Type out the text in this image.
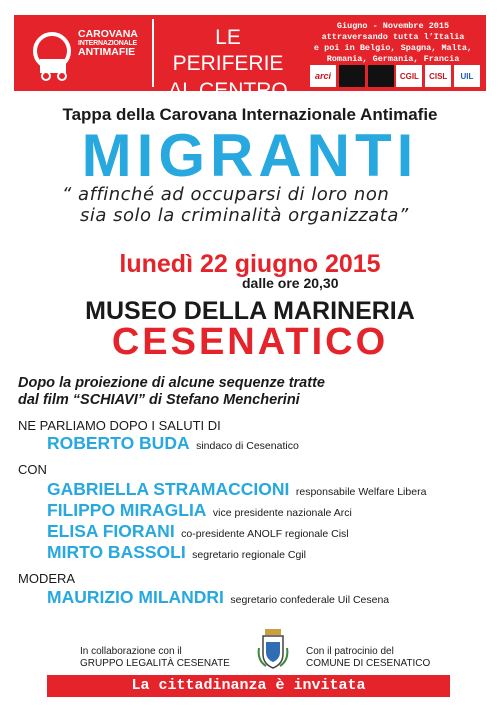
CAROVANA
INTERNAZIONALE
ANTIMAFIE
LE PERIFERIE
AL CENTRO
Giugno - Novembre 2015
attraversando tutta l’Italia
e poi in Belgio, Spagna, Malta,
Romania, Germania, Francia
arci	CGIL	CISL	UIL
Tappa della Carovana Internazionale Antimafie
MIGRANTI
“ affinché ad occuparsi di loro non
sia solo la criminalità organizzata”
lunedì 22 giugno 2015
dalle ore 20,30
MUSEO DELLA MARINERIA
CESENATICO
Dopo la proiezione di alcune sequenze tratte
dal film “SCHIAVI” di Stefano Mencherini
NE PARLIAMO DOPO I SALUTI DI
ROBERTO BUDA sindaco di Cesenatico
CON
GABRIELLA STRAMACCIONI responsabile Welfare Libera
FILIPPO MIRAGLIA vice presidente nazionale Arci
ELISA FIORANI co-presidente ANOLF regionale Cisl
MIRTO BASSOLI segretario regionale Cgil
MODERA
MAURIZIO MILANDRI segretario confederale Uil Cesena
In collaborazione con il
GRUPPO LEGALITÀ CESENATE
Con il patrocinio del
COMUNE DI CESENATICO
La cittadinanza è invitata
